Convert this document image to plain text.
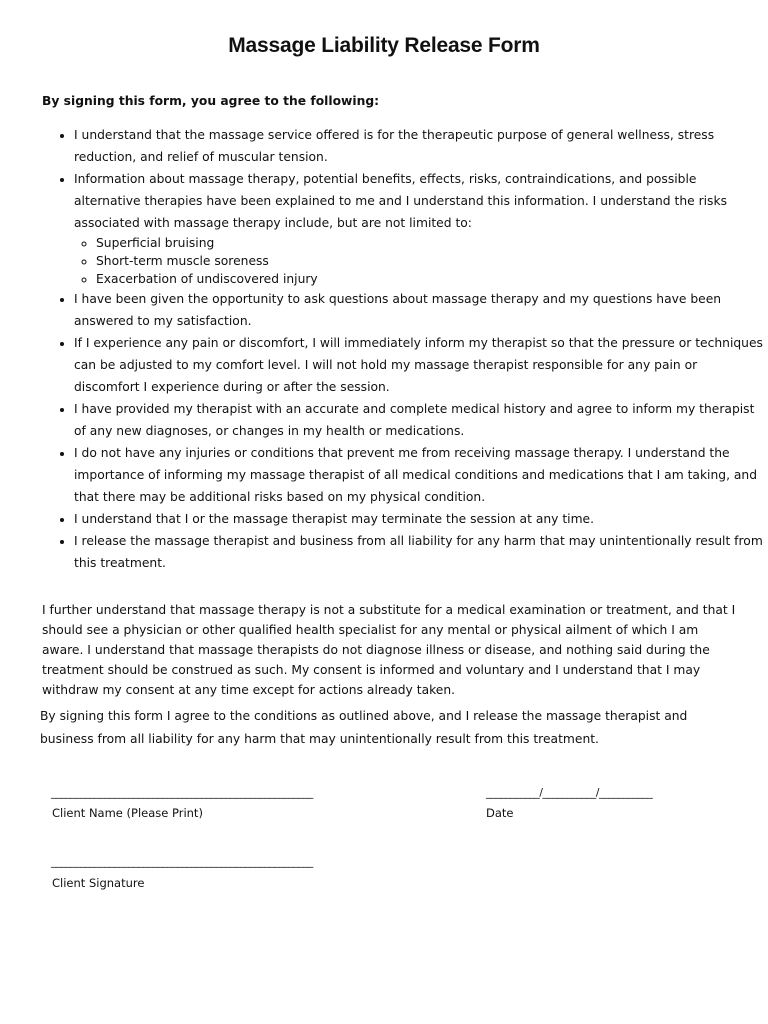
Massage Liability Release Form
By signing this form, you agree to the following:
• I understand that the massage service offered is for the therapeutic purpose of general wellness, stress reduction, and relief of muscular tension.
• Information about massage therapy, potential benefits, effects, risks, contraindications, and possible alternative therapies have been explained to me and I understand this information. I understand the risks associated with massage therapy include, but are not limited to:
◦ Superficial bruising
◦ Short-term muscle soreness
◦ Exacerbation of undiscovered injury
• I have been given the opportunity to ask questions about massage therapy and my questions have been answered to my satisfaction.
• If I experience any pain or discomfort, I will immediately inform my therapist so that the pressure or techniques can be adjusted to my comfort level. I will not hold my massage therapist responsible for any pain or discomfort I experience during or after the session.
• I have provided my therapist with an accurate and complete medical history and agree to inform my therapist of any new diagnoses, or changes in my health or medications.
• I do not have any injuries or conditions that prevent me from receiving massage therapy. I understand the importance of informing my massage therapist of all medical conditions and medications that I am taking, and that there may be additional risks based on my physical condition.
• I understand that I or the massage therapist may terminate the session at any time.
• I release the massage therapist and business from all liability for any harm that may unintentionally result from this treatment.

I further understand that massage therapy is not a substitute for a medical examination or treatment, and that I should see a physician or other qualified health specialist for any mental or physical ailment of which I am aware. I understand that massage therapists do not diagnose illness or disease, and nothing said during the treatment should be construed as such. My consent is informed and voluntary and I understand that I may withdraw my consent at any time except for actions already taken.

By signing this form I agree to the conditions as outlined above, and I release the massage therapist and business from all liability for any harm that may unintentionally result from this treatment.

______________________________________________________
Client Name (Please Print)
___________/___________/___________
Date
______________________________________________________
Client Signature
